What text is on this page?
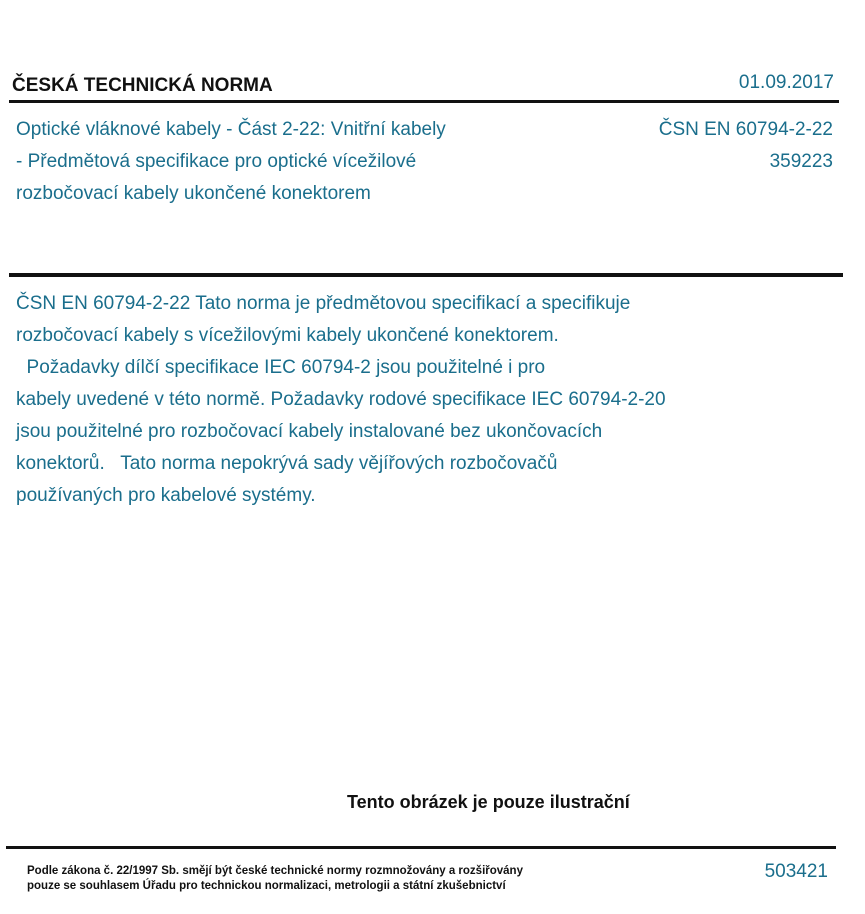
ČESKÁ TECHNICKÁ NORMA	01.09.2017
Optické vláknové kabely - Část 2-22: Vnitřní kabely
- Předmětová specifikace pro optické vícežilové
rozbočovací kabely ukončené konektorem
ČSN EN 60794-2-22
359223
ČSN EN 60794-2-22 Tato norma je předmětovou specifikací a specifikuje
rozbočovací kabely s vícežilovými kabely ukončené konektorem.
Požadavky dílčí specifikace IEC 60794-2 jsou použitelné i pro
kabely uvedené v této normě. Požadavky rodové specifikace IEC 60794-2-20
jsou použitelné pro rozbočovací kabely instalované bez ukončovacích
konektorů.   Tato norma nepokrývá sady vějířových rozbočovačů
používaných pro kabelové systémy.
Tento obrázek je pouze ilustrační
Podle zákona č. 22/1997 Sb. smějí být české technické normy rozmnožovány a rozšiřovány
pouze se souhlasem Úřadu pro technickou normalizaci, metrologii a státní zkušebnictví
503421
